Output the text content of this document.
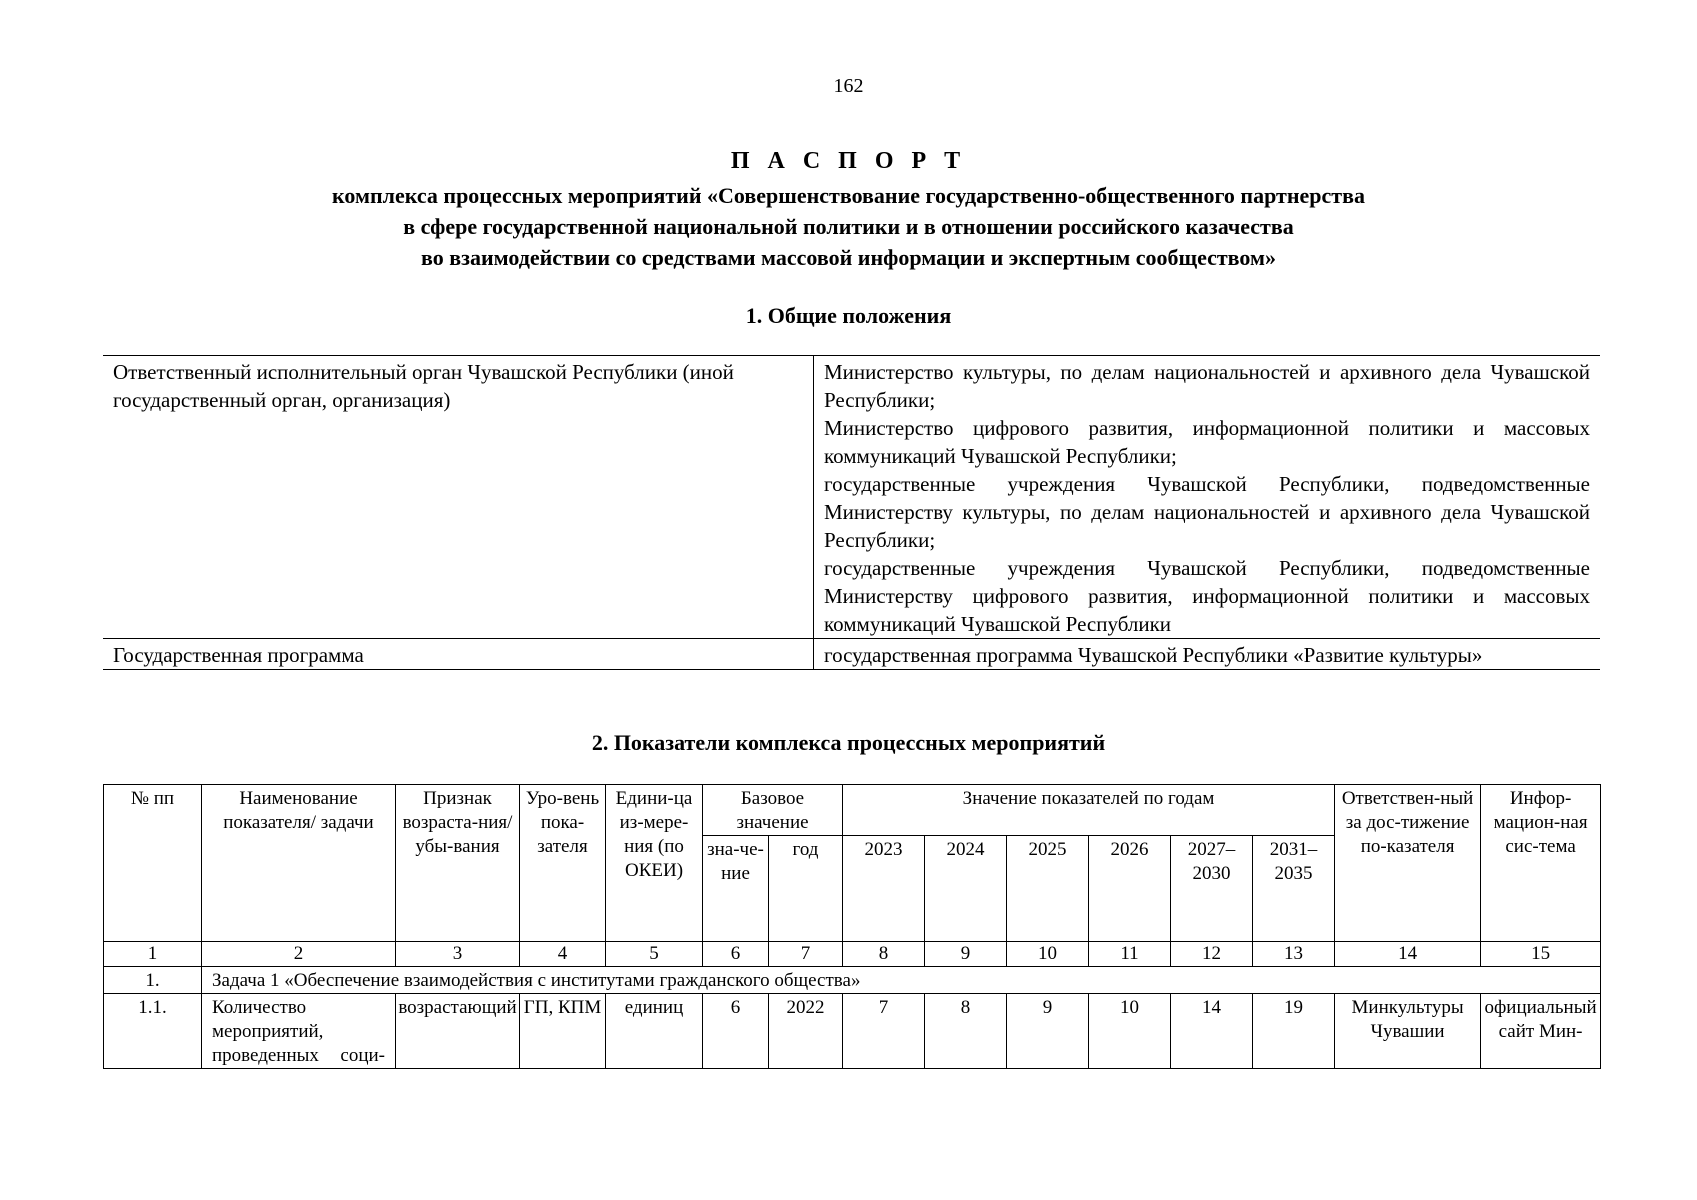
162
П А С П О Р Т
комплекса процессных мероприятий «Совершенствование государственно-общественного партнерства
в сфере государственной национальной политики и в отношении российского казачества
во взаимодействии со средствами массовой информации и экспертным сообществом»
1. Общие положения
Ответственный исполнительный орган Чувашской Республики (иной государственный орган, организация)	Министерство культуры, по делам национальностей и архивного дела Чувашской Республики;

Министерство цифрового развития, информационной политики и массовых коммуникаций Чувашской Республики;

государственные учреждения Чувашской Республики, подведомственные Министерству культуры, по делам национальностей и архивного дела Чувашской Республики;

государственные учреждения Чувашской Республики, подведомственные Министерству цифрового развития, информационной политики и массовых коммуникаций Чувашской Республики

Государственная программа	государственная программа Чувашской Республики «Развитие культуры»

2. Показатели комплекса процессных мероприятий
№ пп	Наименование показателя/ задачи	Признак возраста-ния/ убы-вания	Уро-вень пока-зателя	Едини-ца из-мере-ния (по ОКЕИ)	Базовое значение		Значение показателей по годам						Ответствен-ный за дос-тижение по-казателя	Инфор-мацион-ная сис-тема
					зна-че-ние	год	2023	2024	2025	2026	2027–2030	2031–2035		
1	2	3	4	5	6	7	8	9	10	11	12	13	14	15
1.	Задача 1 «Обеспечение взаимодействия с институтами гражданского общества»													
1.1.	Количество мероприятий, проведенных соци-	возрастающий	ГП, КПМ	единиц	6	2022	7	8	9	10	14	19	Минкультуры Чувашии	официальный сайт Мин-
